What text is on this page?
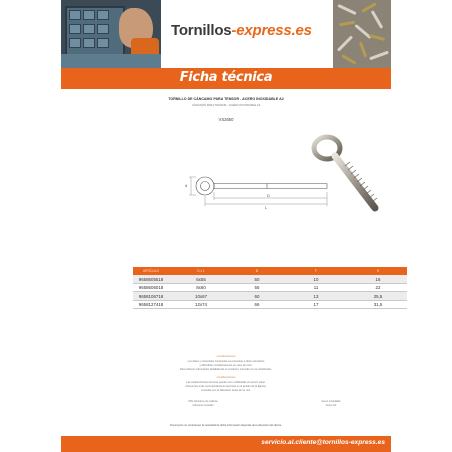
Tornillos-express.es
Ficha técnica
TORNILLO DE CÁNCAMO PARA TENSOR - ACERO INOXIDABLE A2
CÁNCAMO PARA TENSOR - ACERO INOXIDABLE A2
VS2650
d
D
L
ARTÍCULO	D x L	B	F	H
9658605518	6x55	50	10	16
9658606018	8x60	55	11	22
9658106718	10x67	60	13	25,5
9658127418	12x74	66	17	31,5
consideraciones
Los datos y contenidos contenidos se presentan a título orientativo
y difundirán consideraciones en caso de error.
Para obtener información detallada de un producto, consulte con su distribuidor.
consideraciones
Las características técnicas pueden ser modificadas sin previo aviso.
Ofrecemos unas recomendaciones técnicas en el ámbito de la fijación.
Consulte con el fabricante antes de su uso.
DIN Cáncamo de cabeza
Cáncamo roscado
Acero inoxidable
Acero A2
Documento no contractual, la veracidad de dicha información depende de la dirección del cliente.
servicio.al.cliente@tornillos-express.es
